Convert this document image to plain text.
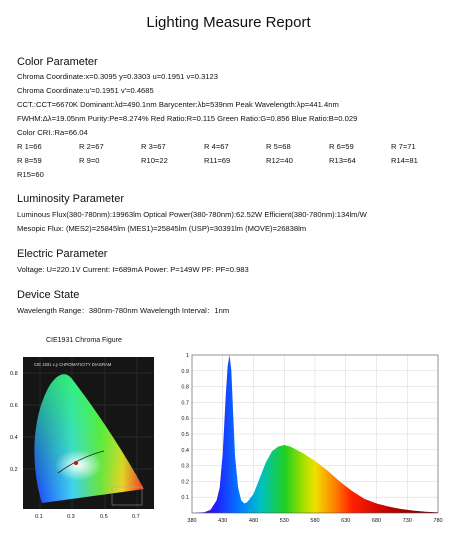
Lighting Measure Report
Color Parameter
Chroma Coordinate:x=0.3095 y=0.3303 u=0.1951 v=0.3123
Chroma Coordinate:u'=0.1951 v'=0.4685
CCT.:CCT=6670K Dominant:λd=490.1nm Barycenter:λb=539nm Peak Wavelength:λp=441.4nm
FWHM:Δλ=19.05nm Purity:Pe=8.274% Red Ratio:R=0.115 Green Ratio:G=0.856 Blue Ratio:B=0.029
Color CRI.:Ra=66.04
R 1=66	R 2=67	R 3=67	R 4=67	R 5=68	R 6=59	R 7=71
R 8=59	R 9=0	R10=22	R11=69	R12=40	R13=64	R14=81
R15=60
Luminosity Parameter
Luminous Flux(380-780nm):19963lm Optical Power(380-780nm):62.52W Efficient(380-780nm):134lm/W
Mesopic Flux: (MES2)=25845lm (MES1)=25845lm (USP)=30391lm (MOVE)=26838lm
Electric Parameter
Voltage: U=220.1V Current: I=689mA Power: P=149W PF: PF=0.983
Device State
Wavelength Range：380nm-780nm Wavelength Interval：1nm
CIE1931 Chroma Figure
CIE 1931 x,y CHROMATICITY DIAGRAM
0.8
0.6
0.4
0.2
0.1	0.3	0.5	0.7
1
0.9
0.8
0.7
0.6
0.5
0.4
0.3
0.2
0.1
380	430	480	530	580	630	680	730	780
